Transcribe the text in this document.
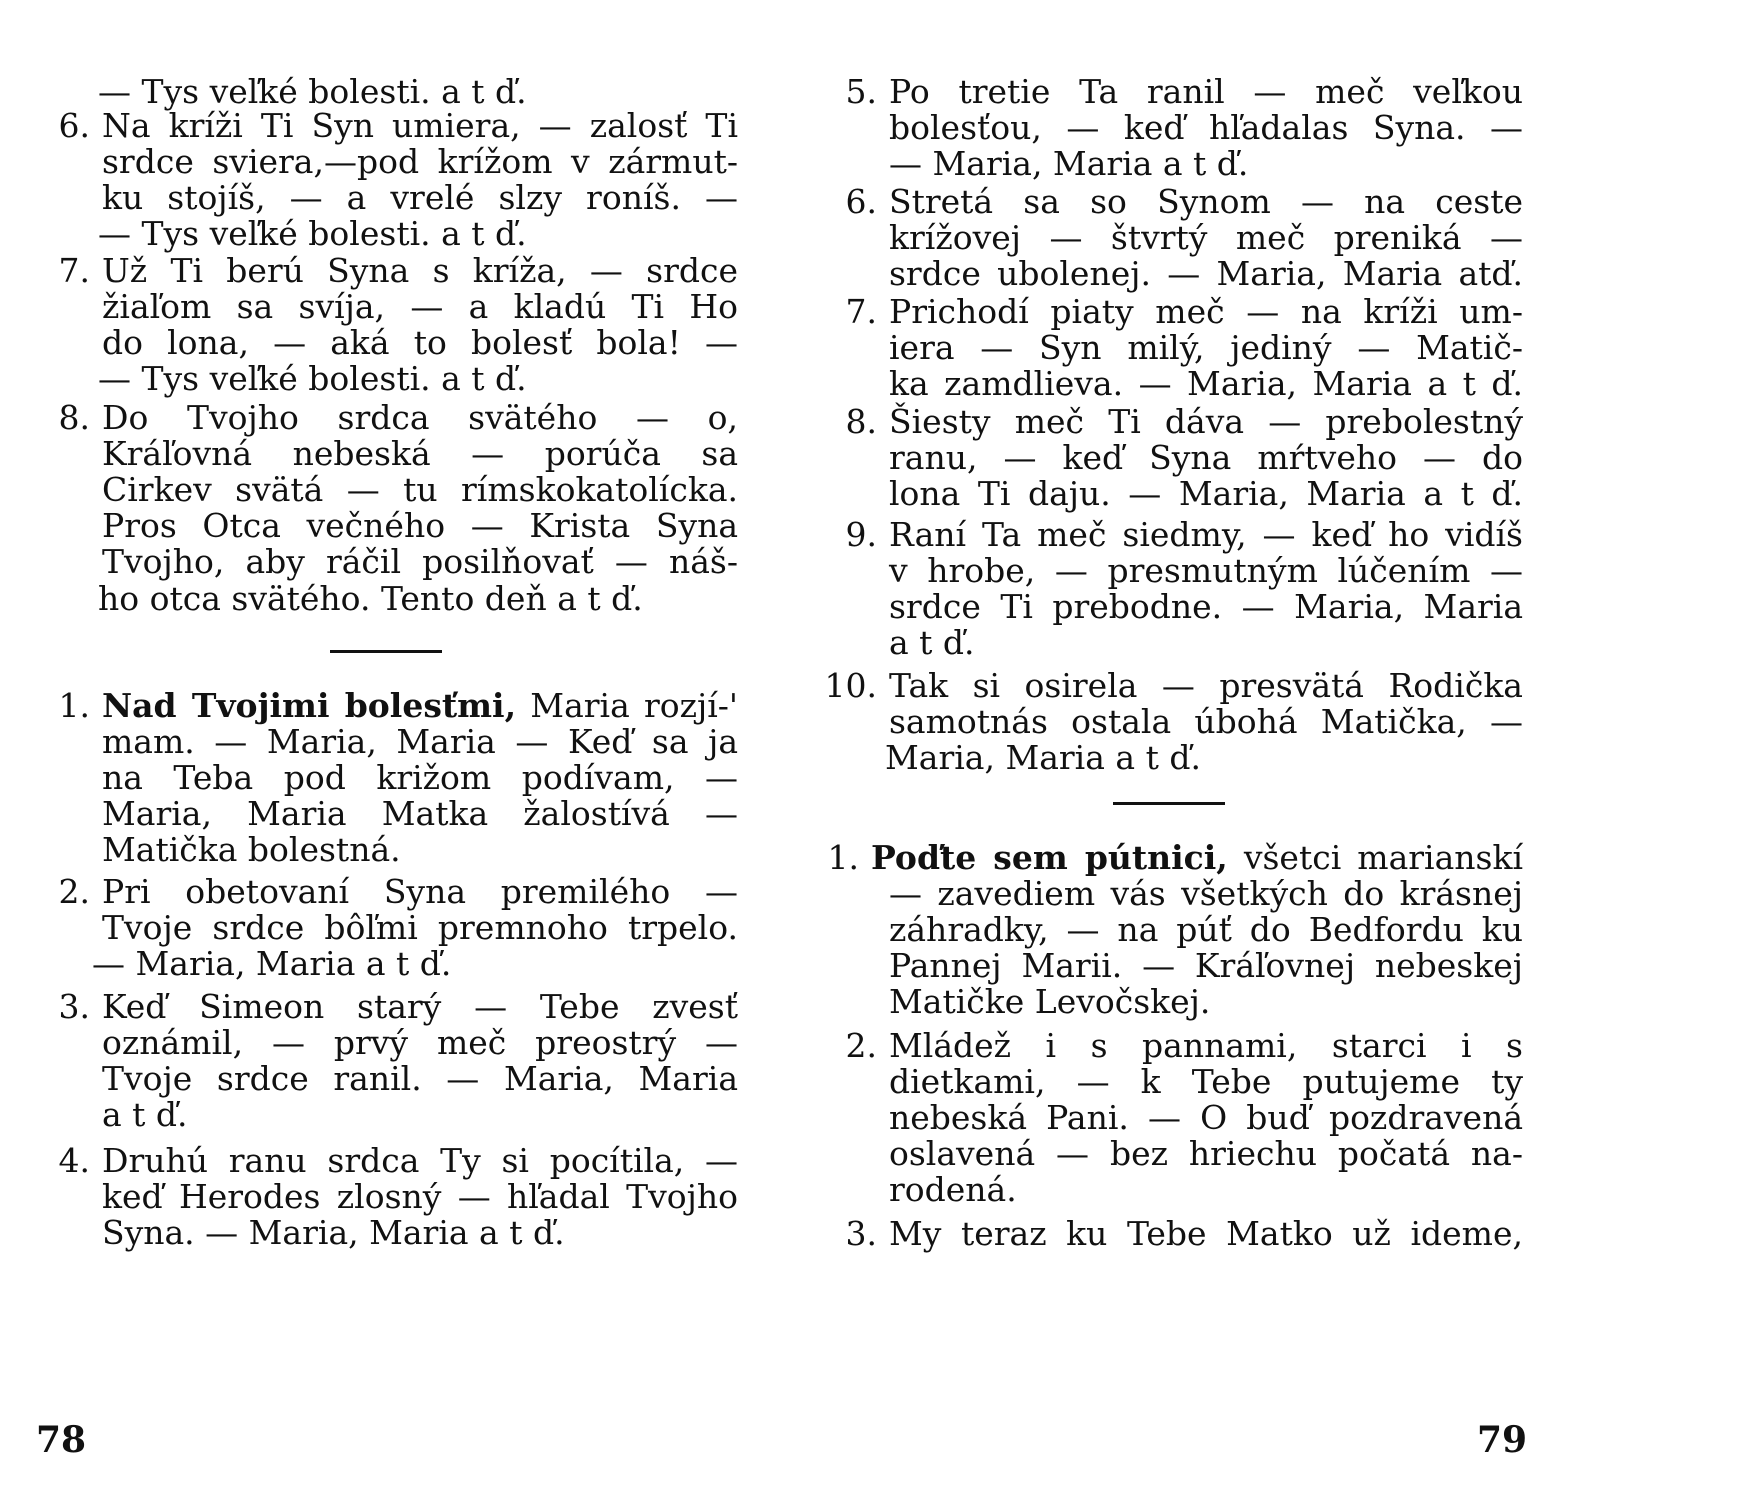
— Tys veľké bolesti. a t ď.
6. Na kríži Ti Syn umiera, — zalosť Ti
srdce sviera,—pod krížom v zármut-
ku stojíš, — a vrelé slzy roníš. —
— Tys veľké bolesti. a t ď.
7. Už Ti berú Syna s kríža, — srdce
žiaľom sa svíja, — a kladú Ti Ho
do lona, — aká to bolesť bola! —
— Tys veľké bolesti. a t ď.
8. Do Tvojho srdca svätého — o,
Kráľovná nebeská — porúča sa
Cirkev svätá — tu rímskokatolícka.
Pros Otca večného — Krista Syna
Tvojho, aby ráčil posilňovať — náš-
ho otca svätého. Tento deň a t ď.
1. Nad Tvojimi bolesťmi, Maria rozjí-'
mam. — Maria, Maria — Keď sa ja
na Teba pod križom podívam, —
Maria, Maria Matka žalostívá —
Matička bolestná.
2. Pri obetovaní Syna premilého —
Tvoje srdce bôľmi premnoho trpelo.
— Maria, Maria a t ď.
3. Keď Simeon starý — Tebe zvesť
oznámil, — prvý meč preostrý —
Tvoje srdce ranil. — Maria, Maria
a t ď.
4. Druhú ranu srdca Ty si pocítila, —
keď Herodes zlosný — hľadal Tvojho
Syna. — Maria, Maria a t ď.
78
5. Po tretie Ta ranil — meč veľkou
bolesťou, — keď hľadalas Syna. —
— Maria, Maria a t ď.
6. Stretá sa so Synom — na ceste
krížovej — štvrtý meč preniká —
srdce ubolenej. — Maria, Maria atď.
7. Prichodí piaty meč — na kríži um-
iera — Syn milý, jediný — Matič-
ka zamdlieva. — Maria, Maria a t ď.
8. Šiesty meč Ti dáva — prebolestný
ranu, — keď Syna mŕtveho — do
lona Ti daju. — Maria, Maria a t ď.
9. Raní Ta meč siedmy, — keď ho vidíš
v hrobe, — presmutným lúčením —
srdce Ti prebodne. — Maria, Maria
a t ď.
10. Tak si osirela — presvätá Rodička
samotnás ostala úbohá Matička, —
Maria, Maria a t ď.
1. Poďte sem pútnici, všetci marianskí
— zavediem vás všetkých do krásnej
záhradky, — na púť do Bedfordu ku
Pannej Marii. — Kráľovnej nebeskej
Matičke Levočskej.
2. Mládež i s pannami, starci i s
dietkami, — k Tebe putujeme ty
nebeská Pani. — O buď pozdravená
oslavená — bez hriechu počatá na-
rodená.
3. My teraz ku Tebe Matko už ideme,
79
